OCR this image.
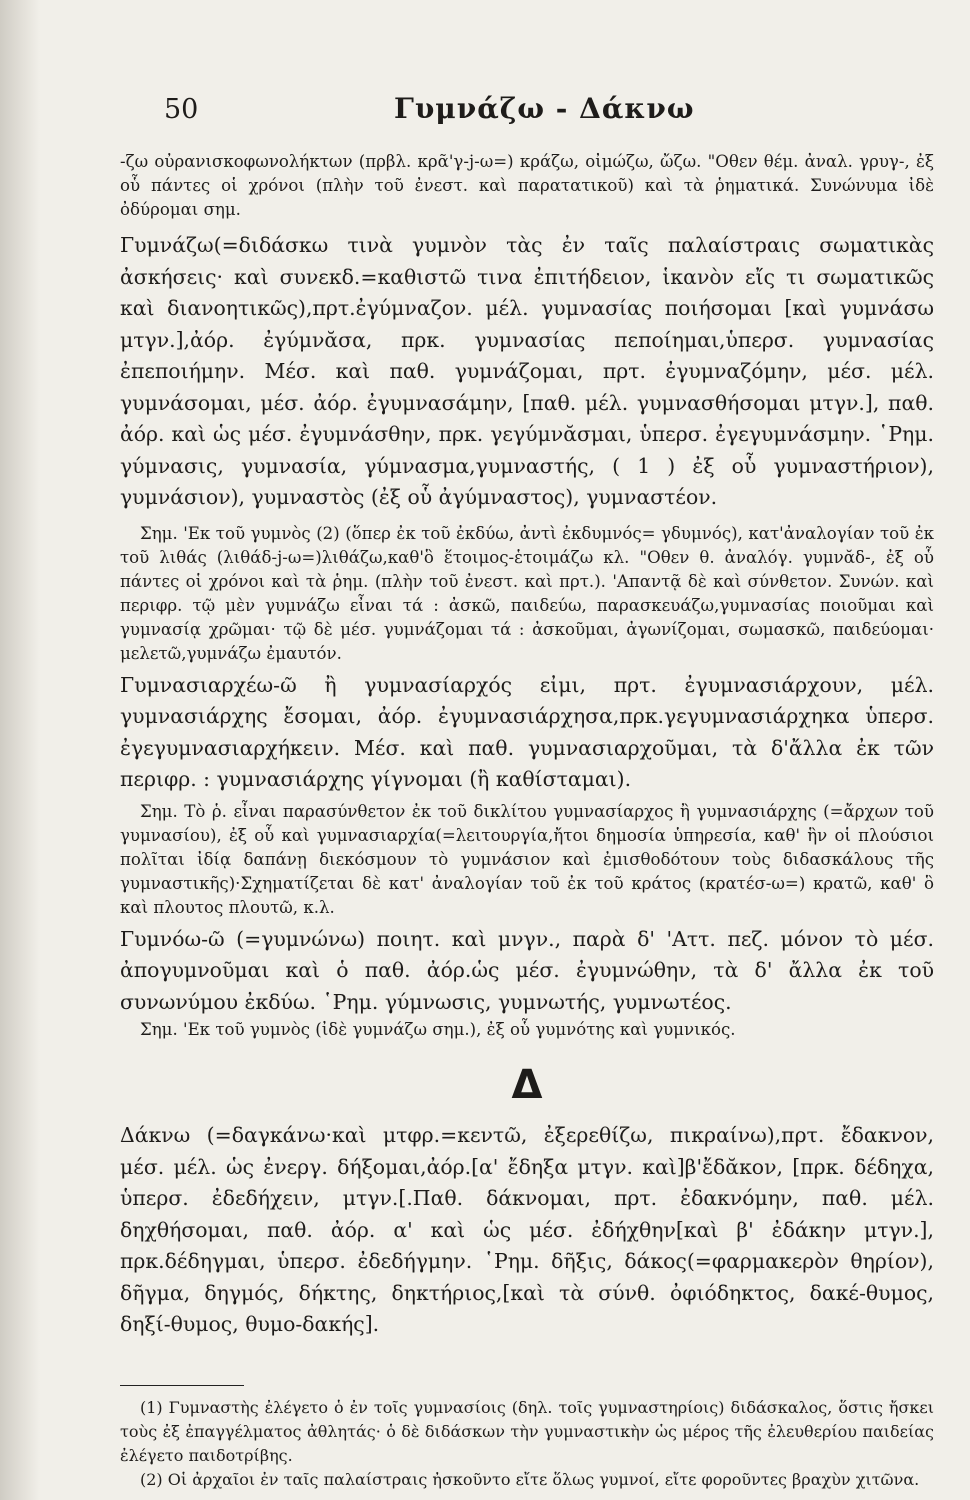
50	Γυμνάζω - Δάκνω

-ζω οὐρανισκοφωνολήκτων (πρβλ. κρᾶ'γ-j-ω=) κράζω, οἰμώζω, ὤζω. "Οθεν θέμ. ἀναλ. γρυγ-, ἐξ οὗ πάντες οἱ χρόνοι (πλὴν τοῦ ἐνεστ. καὶ παρατατικοῦ) καὶ τὰ ῥηματικά. Συνώνυμα ἰδὲ ὀδύρομαι σημ.

Γυμνάζω(=διδάσκω τινὰ γυμνὸν τὰς ἐν ταῖς παλαίστραις σωματικὰς ἀσκήσεις· καὶ συνεκδ.=καθιστῶ τινα ἐπιτήδειον, ἱκανὸν εἴς τι σωματικῶς καὶ διανοητικῶς),πρτ.ἐγύμναζον. μέλ. γυμνασίας ποιήσομαι [καὶ γυμνάσω μτγν.],ἀόρ. ἐγύμνᾰσα, πρκ. γυμνασίας πεποίημαι,ὑπερσ. γυμνασίας ἐπεποιήμην. Μέσ. καὶ παθ. γυμνάζομαι, πρτ. ἐγυμναζόμην, μέσ. μέλ. γυμνάσομαι, μέσ. ἀόρ. ἐγυμνασάμην, [παθ. μέλ. γυμνασθήσομαι μτγν.], παθ. ἀόρ. καὶ ὡς μέσ. ἐγυμνάσθην, πρκ. γεγύμνᾰσμαι, ὑπερσ. ἐγεγυμνάσμην. ῾Ρημ. γύμνασις, γυμνασία, γύμνασμα,γυμναστής, ( 1 ) ἐξ οὗ γυμναστήριον), γυμνάσιον), γυμναστὸς (ἐξ οὗ ἀγύμναστος), γυμναστέον.

Σημ. 'Εκ τοῦ γυμνὸς (2) (ὅπερ ἐκ τοῦ ἐκδύω, ἀντὶ ἐκδυμνός= γδυμνός), κατ'ἀναλογίαν τοῦ ἐκ τοῦ λιθάς (λιθάδ-j-ω=)λιθάζω,καθ'ὃ ἕτοιμος-ἑτοιμάζω κλ. "Οθεν θ. ἀναλόγ. γυμνᾰδ-, ἐξ οὗ πάντες οἱ χρόνοι καὶ τὰ ῥημ. (πλὴν τοῦ ἐνεστ. καὶ πρτ.). 'Απαντᾷ δὲ καὶ σύνθετον. Συνών. καὶ περιφρ. τῷ μὲν γυμνάζω εἶναι τά : ἀσκῶ, παιδεύω, παρασκευάζω,γυμνασίας ποιοῦμαι καὶ γυμνασίᾳ χρῶμαι· τῷ δὲ μέσ. γυμνάζομαι τά : ἀσκοῦμαι, ἀγωνίζομαι, σωμασκῶ, παιδεύομαι· μελετῶ,γυμνάζω ἐμαυτόν.

Γυμνασιαρχέω-ῶ ἢ γυμνασίαρχός εἰμι, πρτ. ἐγυμνασιάρχουν, μέλ. γυμνασιάρχης ἔσομαι, ἀόρ. ἐγυμνασιάρχησα,πρκ.γεγυμνασιάρχηκα ὑπερσ. ἐγεγυμνασιαρχήκειν. Μέσ. καὶ παθ. γυμνασιαρχοῦμαι, τὰ δ'ἄλλα ἐκ τῶν περιφρ. : γυμνασιάρχης γίγνομαι (ἢ καθίσταμαι).

Σημ. Τὸ ῥ. εἶναι παρασύνθετον ἐκ τοῦ δικλίτου γυμνασίαρχος ἢ γυμνασιάρχης (=ἄρχων τοῦ γυμνασίου), ἐξ οὗ καὶ γυμνασιαρχία(=λειτουργία,ἤτοι δημοσία ὑπηρεσία, καθ' ἣν οἱ πλούσιοι πολῖται ἰδίᾳ δαπάνῃ διεκόσμουν τὸ γυμνάσιον καὶ ἐμισθοδότουν τοὺς διδασκάλους τῆς γυμναστικῆς)·Σχηματίζεται δὲ κατ' ἀναλογίαν τοῦ ἐκ τοῦ κράτος (κρατέσ-ω=) κρατῶ, καθ' ὃ καὶ πλουτος πλουτῶ, κ.λ.

Γυμνόω-ῶ (=γυμνώνω) ποιητ. καὶ μνγν., παρὰ δ' 'Αττ. πεζ. μόνον τὸ μέσ. ἀπογυμνοῦμαι καὶ ὁ παθ. ἀόρ.ὡς μέσ. ἐγυμνώθην, τὰ δ' ἄλλα ἐκ τοῦ συνωνύμου ἐκδύω. ῾Ρημ. γύμνωσις, γυμνωτής, γυμνωτέος.

Σημ. 'Εκ τοῦ γυμνὸς (ἰδὲ γυμνάζω σημ.), ἐξ οὗ γυμνότης καὶ γυμνικός.

Δ

Δάκνω (=δαγκάνω·καὶ μτφρ.=κεντῶ, ἐξερεθίζω, πικραίνω),πρτ. ἔδακνον, μέσ. μέλ. ὡς ἐνεργ. δήξομαι,ἀόρ.[α' ἔδηξα μτγν. καὶ]β'ἔδᾰκον, [πρκ. δέδηχα, ὑπερσ. ἐδεδήχειν, μτγν.[.Παθ. δάκνομαι, πρτ. ἐδακνόμην, παθ. μέλ. δηχθήσομαι, παθ. ἀόρ. α' καὶ ὡς μέσ. ἐδήχθην[καὶ β' ἐδάκην μτγν.], πρκ.δέδηγμαι, ὑπερσ. ἐδεδήγμην. ῾Ρημ. δῆξις, δάκος(=φαρμακερὸν θηρίον), δῆγμα, δηγμός, δήκτης, δηκτήριος,[καὶ τὰ σύνθ. ὀφιόδηκτος, δακέ-θυμος, δηξί-θυμος, θυμο-δακής].

(1) Γυμναστὴς ἐλέγετο ὁ ἐν τοῖς γυμνασίοις (δηλ. τοῖς γυμναστηρίοις) διδάσκαλος, ὅστις ἤσκει τοὺς ἐξ ἐπαγγέλματος ἀθλητάς· ὁ δὲ διδάσκων τὴν γυμναστικὴν ὡς μέρος τῆς ἐλευθερίου παιδείας ἐλέγετο παιδοτρίβης.

(2) Οἱ ἀρχαῖοι ἐν ταῖς παλαίστραις ἠσκοῦντο εἴτε ὅλως γυμνοί, εἴτε φοροῦντες βραχὺν χιτῶνα.
